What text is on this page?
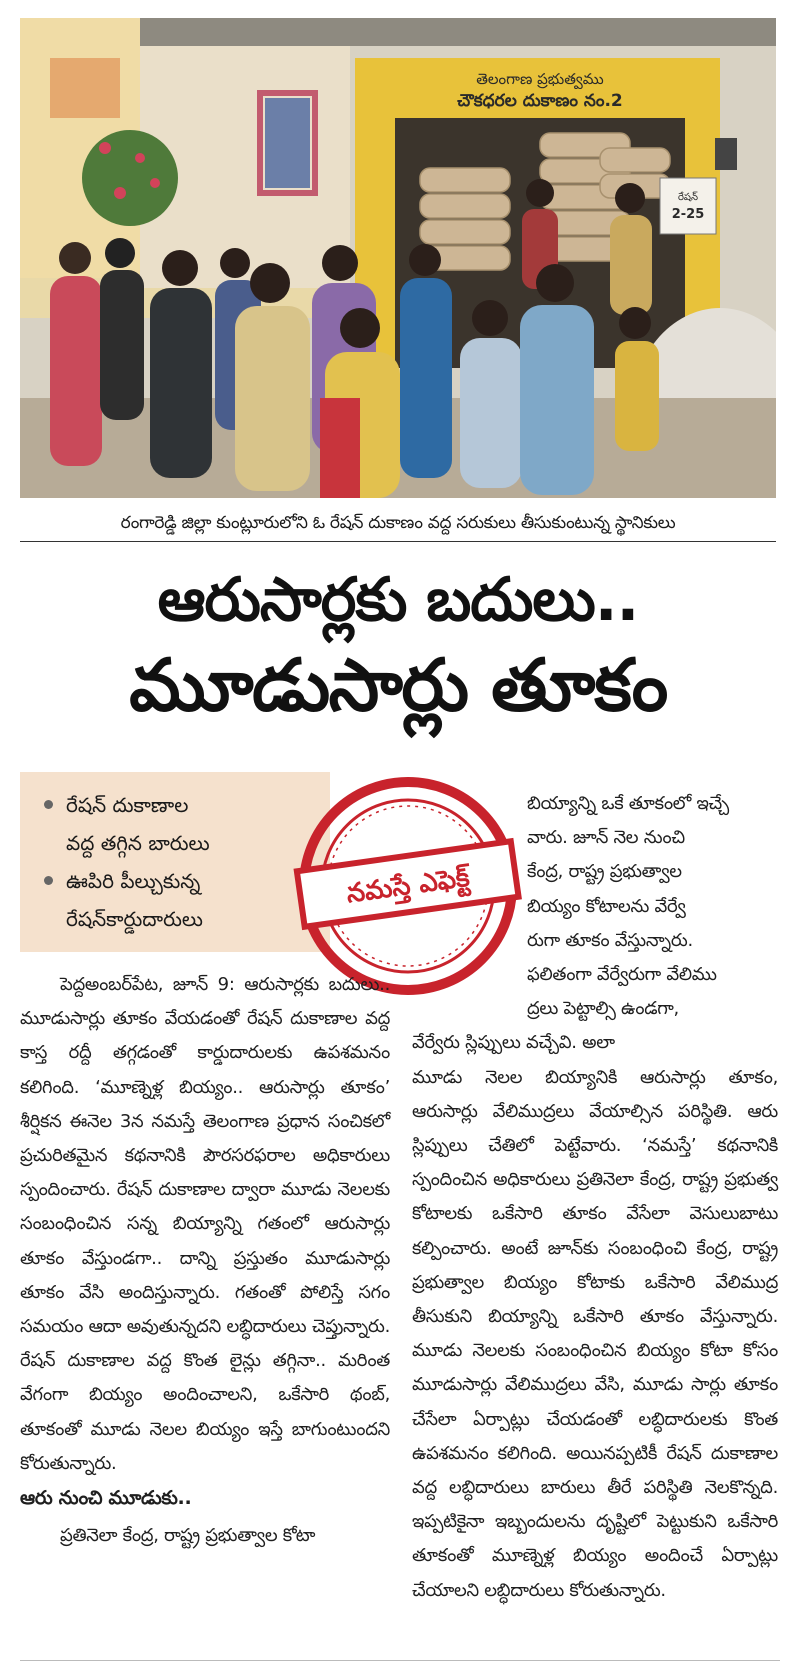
తెలంగాణ ప్రభుత్వము
చౌకధరల దుకాణం నం.2
రేషన్
2-25
రంగారెడ్డి జిల్లా కుంట్లూరులోని ఓ రేషన్ దుకాణం వద్ద సరుకులు తీసుకుంటున్న స్థానికులు
ఆరుసార్లకు బదులు..
మూడుసార్లు తూకం
రేషన్ దుకాణాల
వద్ద తగ్గిన బారులు
ఊపిరి పీల్చుకున్న
రేషన్‌కార్డుదారులు
నమస్తే ఎఫెక్ట్

పెద్దఅంబర్‌పేట, జూన్ 9: ఆరుసార్లకు బదులు.. మూడుసార్లు తూకం వేయడంతో రేషన్ దుకాణాల వద్ద కాస్త రద్దీ తగ్గడంతో కార్డుదారులకు ఉపశమనం కలిగింది. ‘మూణ్నెళ్ల బియ్యం.. ఆరుసార్లు తూకం’ శీర్షికన ఈనెల 3న నమస్తే తెలంగాణ ప్రధాన సంచికలో ప్రచురితమైన కథనానికి పౌరసరఫరాల అధికారులు స్పందించారు. రేషన్ దుకాణాల ద్వారా మూడు నెలలకు సంబంధించిన సన్న బియ్యాన్ని గతంలో ఆరుసార్లు తూకం వేస్తుండగా.. దాన్ని ప్రస్తుతం మూడుసార్లు తూకం వేసి అందిస్తున్నారు. గతంతో పోలిస్తే సగం సమయం ఆదా అవుతున్నదని లబ్ధిదారులు చెప్తున్నారు. రేషన్ దుకాణాల వద్ద కొంత లైన్లు తగ్గినా.. మరింత వేగంగా బియ్యం అందించాలని, ఒకేసారి థంబ్, తూకంతో మూడు నెలల బియ్యం ఇస్తే బాగుంటుందని కోరుతున్నారు.

ఆరు నుంచి మూడుకు..

ప్రతినెలా కేంద్ర, రాష్ట్ర ప్రభుత్వాల కోటా

బియ్యాన్ని ఒకే తూకంలో ఇచ్చే
వారు. జూన్ నెల నుంచి
కేంద్ర, రాష్ట్ర ప్రభుత్వాల
బియ్యం కోటాలను వేర్వే
రుగా తూకం వేస్తున్నారు.
ఫలితంగా వేర్వేరుగా వేలిము
ద్రలు పెట్టాల్సి ఉండగా,
వేర్వేరు స్లిప్పులు వచ్చేవి. అలా
మూడు నెలల బియ్యానికి ఆరుసార్లు తూకం, ఆరుసార్లు వేలిముద్రలు వేయాల్సిన పరిస్థితి. ఆరు స్లిప్పులు చేతిలో పెట్టేవారు. ‘నమస్తే’ కథనానికి స్పందించిన అధికారులు ప్రతినెలా కేంద్ర, రాష్ట్ర ప్రభుత్వ కోటాలకు ఒకేసారి తూకం వేసేలా వెసులుబాటు కల్పించారు. అంటే జూన్‌కు సంబంధించి కేంద్ర, రాష్ట్ర ప్రభుత్వాల బియ్యం కోటాకు ఒకేసారి వేలిముద్ర తీసుకుని బియ్యాన్ని ఒకేసారి తూకం వేస్తున్నారు. మూడు నెలలకు సంబంధించిన బియ్యం కోటా కోసం మూడుసార్లు వేలిముద్రలు వేసి, మూడు సార్లు తూకం చేసేలా ఏర్పాట్లు చేయడంతో లబ్ధిదారులకు కొంత ఉపశమనం కలిగింది. అయినప్పటికీ రేషన్ దుకాణాల వద్ద లబ్ధిదారులు బారులు తీరే పరిస్థితి నెలకొన్నది. ఇప్పటికైనా ఇబ్బందులను దృష్టిలో పెట్టుకుని ఒకేసారి తూకంతో మూణ్నెళ్ల బియ్యం అందించే ఏర్పాట్లు చేయాలని లబ్ధిదారులు కోరుతున్నారు.
